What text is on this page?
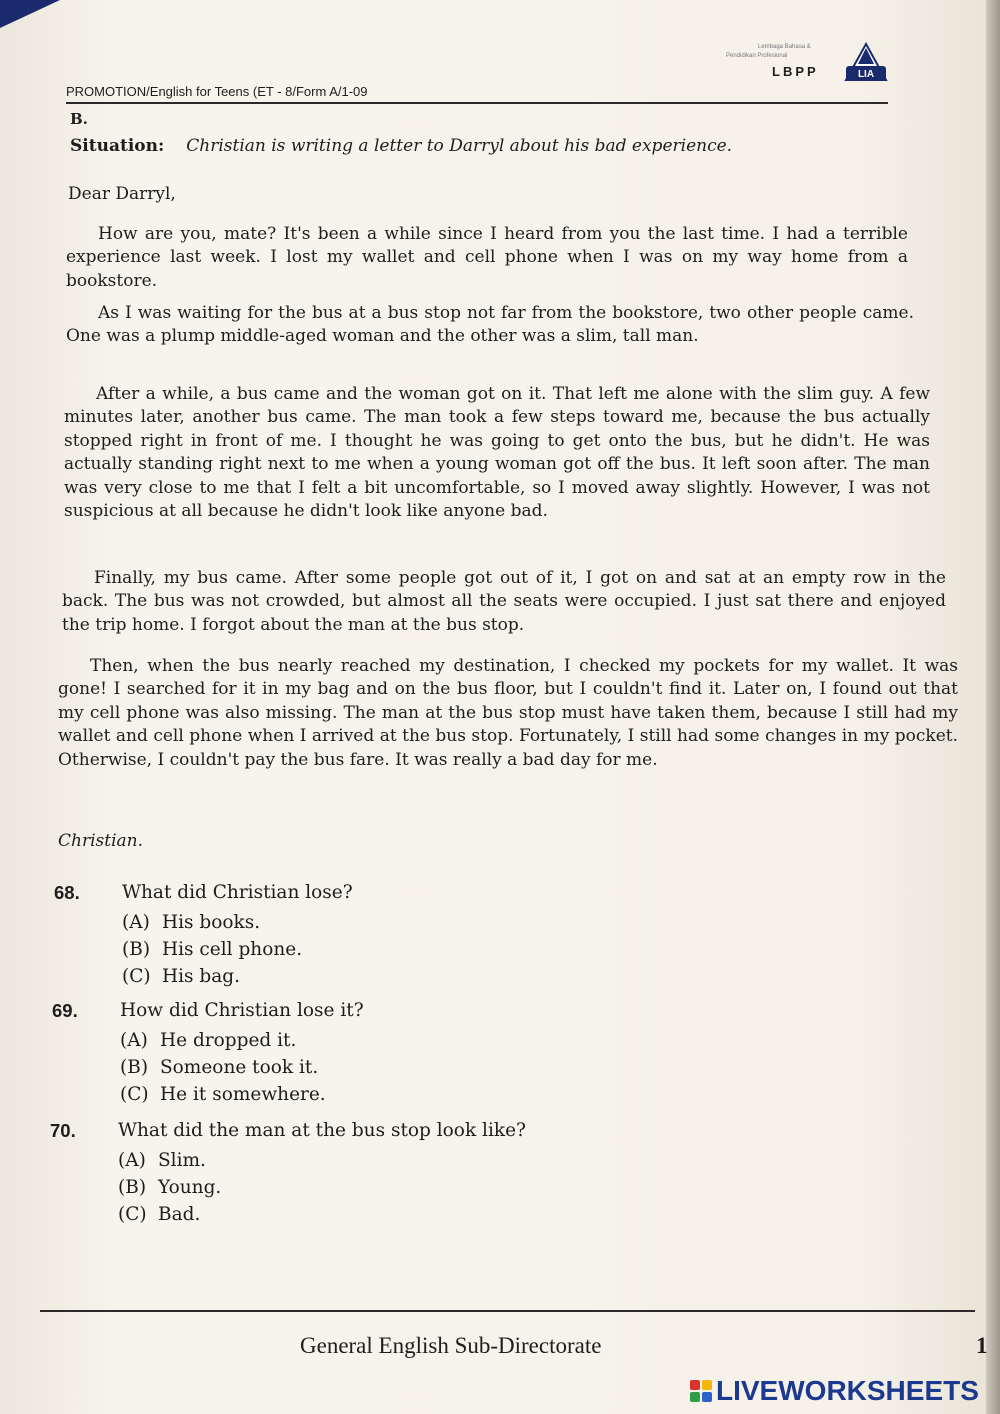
Lembaga Bahasa &
Pendidikan Profesional
LBPP	LIA
PROMOTION/English for Teens (ET - 8/Form A/1-09
B.
Situation: Christian is writing a letter to Darryl about his bad experience.
Dear Darryl,

How are you, mate? It's been a while since I heard from you the last time. I had a terrible experience last week. I lost my wallet and cell phone when I was on my way home from a bookstore.

As I was waiting for the bus at a bus stop not far from the bookstore, two other people came. One was a plump middle-aged woman and the other was a slim, tall man.

After a while, a bus came and the woman got on it. That left me alone with the slim guy. A few minutes later, another bus came. The man took a few steps toward me, because the bus actually stopped right in front of me. I thought he was going to get onto the bus, but he didn't. He was actually standing right next to me when a young woman got off the bus. It left soon after. The man was very close to me that I felt a bit uncomfortable, so I moved away slightly. However, I was not suspicious at all because he didn't look like anyone bad.

Finally, my bus came. After some people got out of it, I got on and sat at an empty row in the back. The bus was not crowded, but almost all the seats were occupied. I just sat there and enjoyed the trip home. I forgot about the man at the bus stop.

Then, when the bus nearly reached my destination, I checked my pockets for my wallet. It was gone! I searched for it in my bag and on the bus floor, but I couldn't find it. Later on, I found out that my cell phone was also missing. The man at the bus stop must have taken them, because I still had my wallet and cell phone when I arrived at the bus stop. Fortunately, I still had some changes in my pocket. Otherwise, I couldn't pay the bus fare. It was really a bad day for me.

Christian.
68. What did Christian lose?
(A) His books.
(B) His cell phone.
(C) His bag.
69. How did Christian lose it?
(A) He dropped it.
(B) Someone took it.
(C) He it somewhere.
70. What did the man at the bus stop look like?
(A) Slim.
(B) Young.
(C) Bad.
General English Sub-Directorate	1
LIVEWORKSHEETS
